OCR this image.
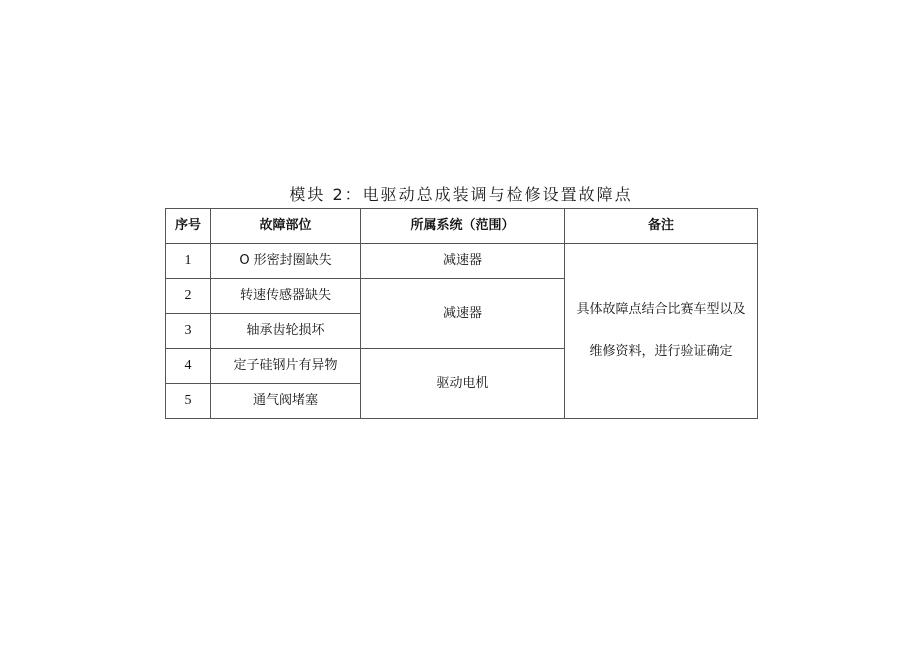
模块 2：电驱动总成装调与检修设置故障点
序号	故障部位	所属系统（范围）	备注
1	O 形密封圈缺失	减速器	具体故障点结合比赛车型以及
维修资料，进行验证确定

2	转速传感器缺失	减速器	
3	轴承齿轮损坏		
4	定子硅钢片有异物	驱动电机	
5	通气阀堵塞		
